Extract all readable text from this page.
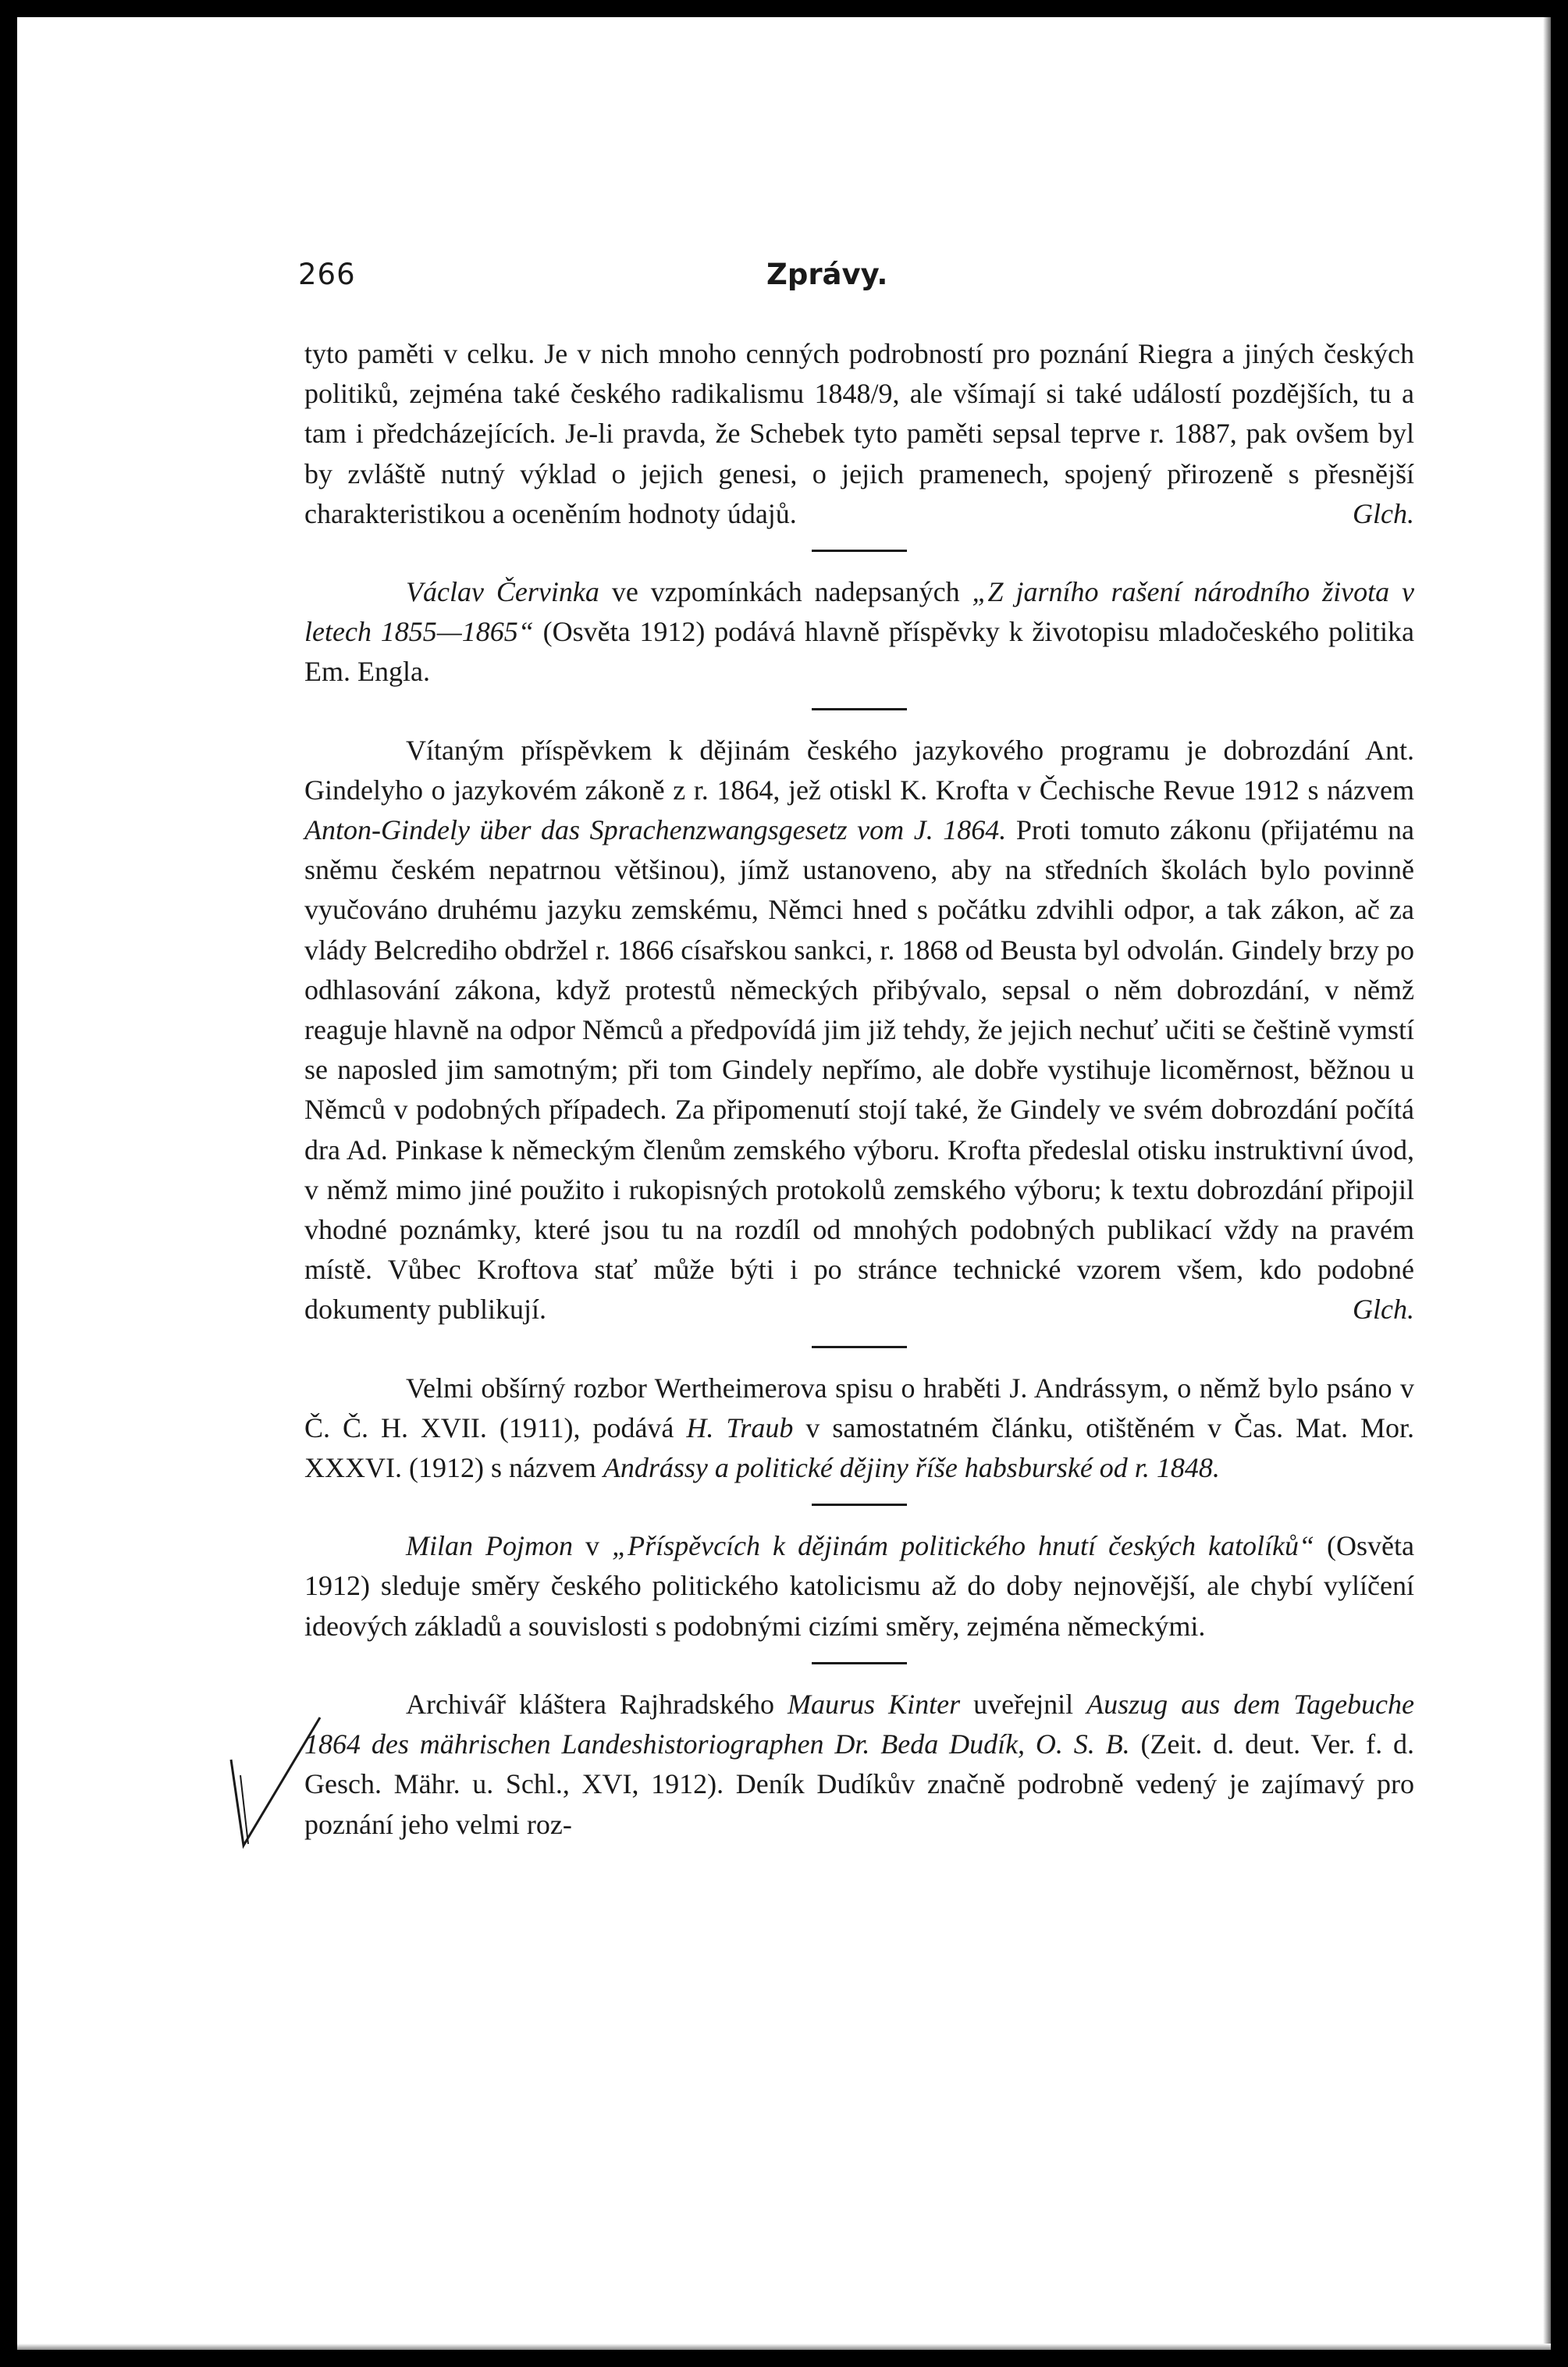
266	Zprávy.

tyto paměti v celku. Je v nich mnoho cenných podrobností pro poznání Riegra a jiných českých politiků, zejména také českého radikalismu 1848/9, ale všímají si také událostí pozdějších, tu a tam i předcházejících. Je-li pravda, že Schebek tyto paměti sepsal teprve r. 1887, pak ovšem byl by zvláště nutný výklad o jejich genesi, o jejich pramenech, spojený přirozeně s přesnější charakteristikou a oceněním hodnoty údajů.	Glch.

Václav Červinka ve vzpomínkách nadepsaných „Z jarního rašení národního života v letech 1855—1865“ (Osvěta 1912) podává hlavně příspěvky k životopisu mladočeského politika Em. Engla.

Vítaným příspěvkem k dějinám českého jazykového programu je dobrozdání Ant. Gindelyho o jazykovém zákoně z r. 1864, jež otiskl K. Krofta v Čechische Revue 1912 s názvem Anton-Gindely über das Sprachenzwangsgesetz vom J. 1864. Proti tomuto zákonu (přijatému na sněmu českém nepatrnou většinou), jímž ustanoveno, aby na středních školách bylo povinně vyučováno druhému jazyku zemskému, Němci hned s počátku zdvihli odpor, a tak zákon, ač za vlády Belcrediho obdržel r. 1866 císařskou sankci, r. 1868 od Beusta byl odvolán. Gindely brzy po odhlasování zákona, když protestů německých přibývalo, sepsal o něm dobrozdání, v němž reaguje hlavně na odpor Němců a předpovídá jim již tehdy, že jejich nechuť učiti se češtině vymstí se naposled jim samotným; při tom Gindely nepřímo, ale dobře vystihuje licoměrnost, běžnou u Němců v podobných případech. Za připomenutí stojí také, že Gindely ve svém dobrozdání počítá dra Ad. Pinkase k německým členům zemského výboru. Krofta předeslal otisku instruktivní úvod, v němž mimo jiné použito i rukopisných protokolů zemského výboru; k textu dobrozdání připojil vhodné poznámky, které jsou tu na rozdíl od mnohých podobných publikací vždy na pravém místě. Vůbec Kroftova stať může býti i po stránce technické vzorem všem, kdo podobné dokumenty publikují.	Glch.

Velmi obšírný rozbor Wertheimerova spisu o hraběti J. Andrássym, o němž bylo psáno v Č. Č. H. XVII. (1911), podává H. Traub v samostatném článku, otištěném v Čas. Mat. Mor. XXXVI. (1912) s názvem Andrássy a politické dějiny říše habsburské od r. 1848.

Milan Pojmon v „Příspěvcích k dějinám politického hnutí českých katolíků“ (Osvěta 1912) sleduje směry českého politického katolicismu až do doby nejnovější, ale chybí vylíčení ideových základů a souvislosti s podobnými cizími směry, zejména německými.

Archivář kláštera Rajhradského Maurus Kinter uveřejnil Auszug aus dem Tagebuche 1864 des mährischen Landeshistoriographen Dr. Beda Dudík, O. S. B. (Zeit. d. deut. Ver. f. d. Gesch. Mähr. u. Schl., XVI, 1912). Deník Dudíkův značně podrobně vedený je zajímavý pro poznání jeho velmi roz-
